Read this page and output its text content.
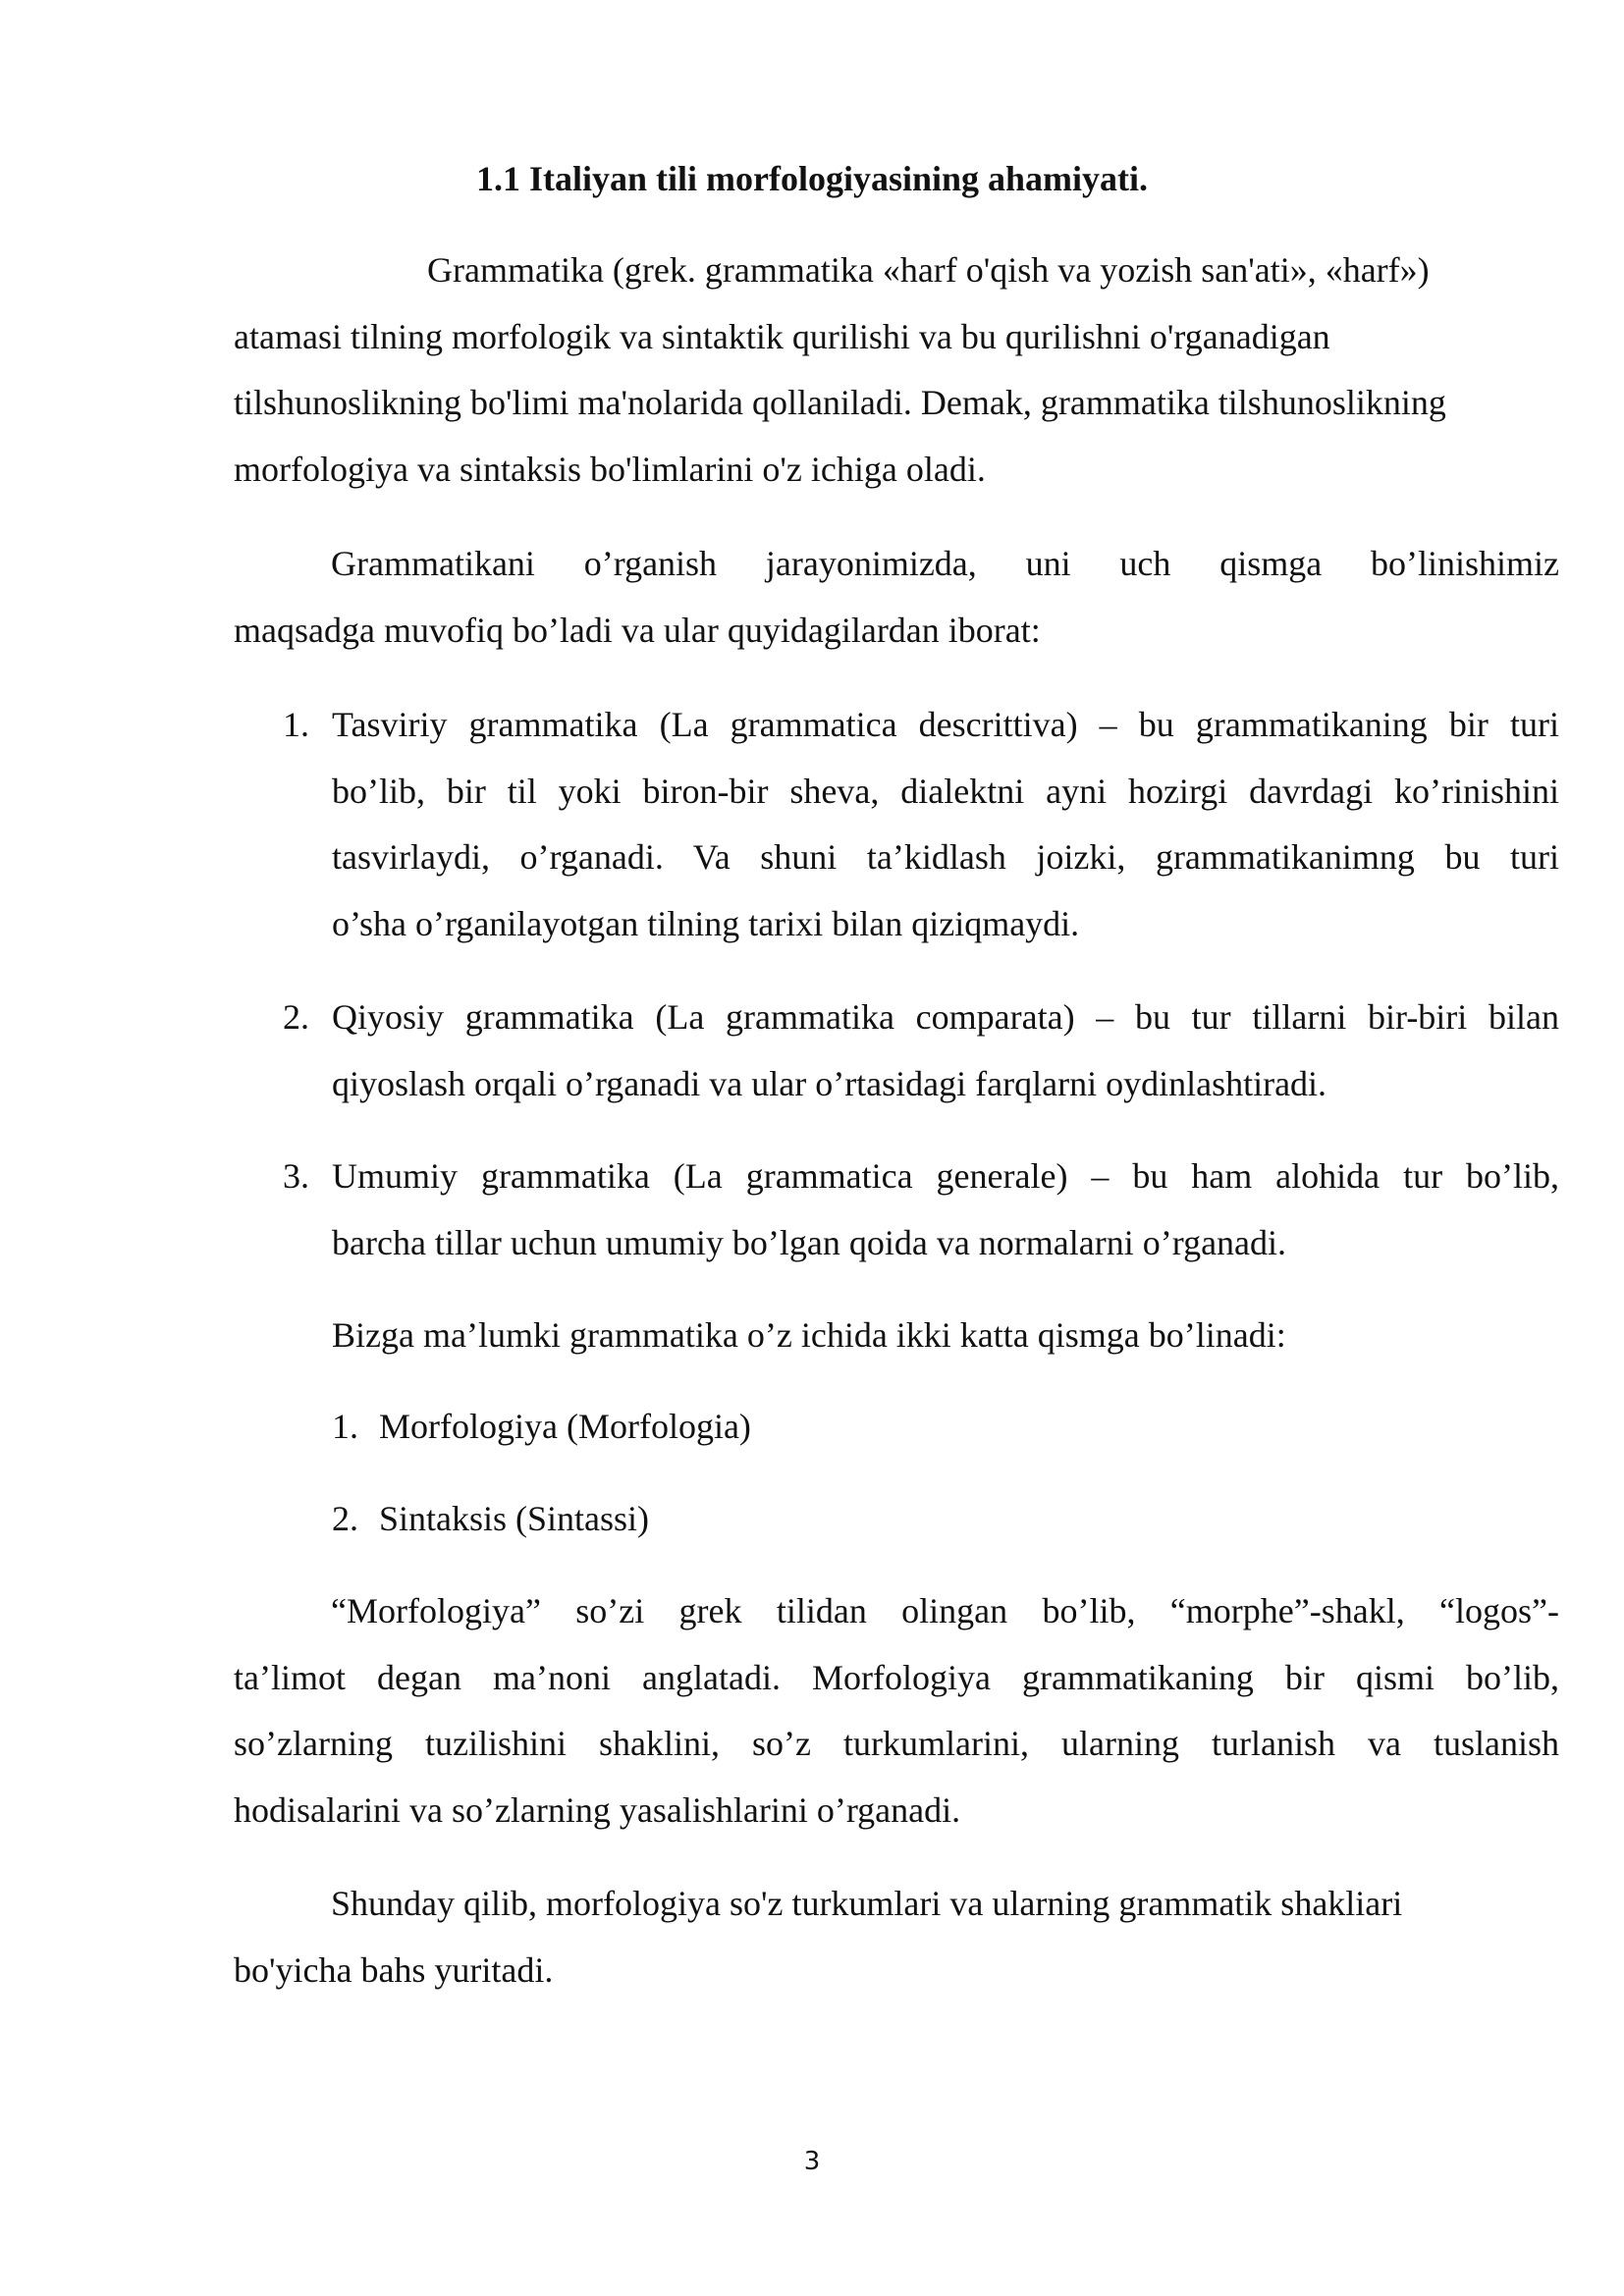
1.1 Italiyan tili morfologiyasining ahamiyati.
Grammatika (grek. grammatika «harf o'qish va yozish san'ati», «harf»)
atamasi tilning morfologik va sintaktik qurilishi va bu qurilishni o'rganadigan
tilshunoslikning bo'limi ma'nolarida qollaniladi. Demak, grammatika tilshunoslikning
morfologiya va sintaksis bo'limlarini o'z ichiga oladi.
Grammatikani o’rganish jarayonimizda, uni uch qismga bo’linishimiz
maqsadga muvofiq bo’ladi va ular quyidagilardan iborat:
1. Tasviriy grammatika (La grammatica descrittiva) – bu grammatikaning bir turi
bo’lib, bir til yoki biron-bir sheva, dialektni ayni hozirgi davrdagi ko’rinishini
tasvirlaydi, o’rganadi. Va shuni ta’kidlash joizki, grammatikanimng bu turi
o’sha o’rganilayotgan tilning tarixi bilan qiziqmaydi.
2. Qiyosiy grammatika (La grammatika comparata) – bu tur tillarni bir-biri bilan
qiyoslash orqali o’rganadi va ular o’rtasidagi farqlarni oydinlashtiradi.
3. Umumiy grammatika (La grammatica generale) – bu ham alohida tur bo’lib,
barcha tillar uchun umumiy bo’lgan qoida va normalarni o’rganadi.
Bizga ma’lumki grammatika o’z ichida ikki katta qismga bo’linadi:
1. Morfologiya (Morfologia)
2. Sintaksis (Sintassi)
“Morfologiya” so’zi grek tilidan olingan bo’lib, “morphe”-shakl, “logos”-
ta’limot degan ma’noni anglatadi. Morfologiya grammatikaning bir qismi bo’lib,
so’zlarning tuzilishini shaklini, so’z turkumlarini, ularning turlanish va tuslanish
hodisalarini va so’zlarning yasalishlarini o’rganadi.
Shunday qilib, morfologiya so'z turkumlari va ularning grammatik shakliari
bo'yicha bahs yuritadi.
3
